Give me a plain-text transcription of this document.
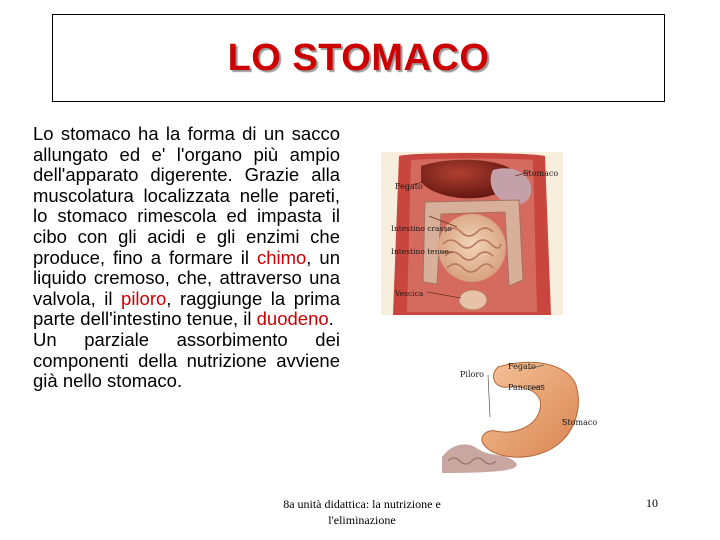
LO STOMACO

Lo stomaco ha la forma di un sacco allungato ed e' l'organo più ampio dell'apparato digerente. Grazie alla muscolatura localizzata nelle pareti, lo stomaco rimescola ed impasta il cibo con gli acidi e gli enzimi che produce, fino a formare il chimo, un liquido cremoso, che, attraverso una valvola, il piloro, raggiunge la prima parte dell'intestino tenue, il duodeno.

Un parziale assorbimento dei componenti della nutrizione avviene già nello stomaco.

Fegato
Stomaco
Intestino crasso
Intestino tenue
Vescica
Piloro
Fegato
Pancreas
Stomaco
8a unità didattica: la nutrizione e
l'eliminazione
10
